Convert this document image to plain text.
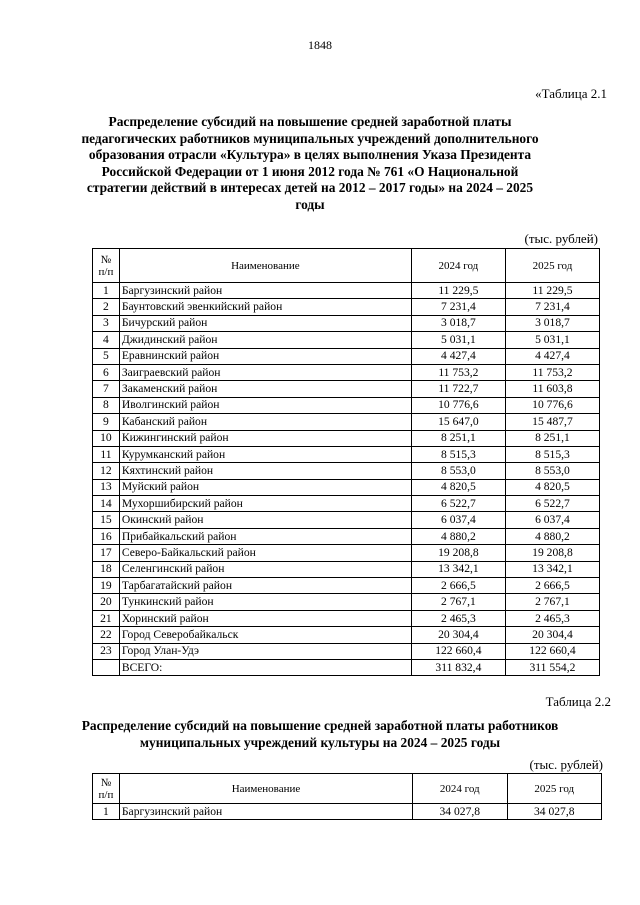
1848
«Таблица 2.1
Распределение субсидий на повышение средней заработной платы педагогических работников муниципальных учреждений дополнительного образования отрасли «Культура» в целях выполнения Указа Президента Российской Федерации от 1 июня 2012 года № 761 «О Национальной стратегии действий в интересах детей на 2012 – 2017 годы» на 2024 – 2025 годы
(тыс. рублей)
№
п/п	Наименование	2024 год	2025 год
1	Баргузинский район	11 229,5	11 229,5
2	Баунтовский эвенкийский район	7 231,4	7 231,4
3	Бичурский район	3 018,7	3 018,7
4	Джидинский район	5 031,1	5 031,1
5	Еравнинский район	4 427,4	4 427,4
6	Заиграевский район	11 753,2	11 753,2
7	Закаменский район	11 722,7	11 603,8
8	Иволгинский район	10 776,6	10 776,6
9	Кабанский район	15 647,0	15 487,7
10	Кижингинский район	8 251,1	8 251,1
11	Курумканский район	8 515,3	8 515,3
12	Кяхтинский район	8 553,0	8 553,0
13	Муйский район	4 820,5	4 820,5
14	Мухоршибирский район	6 522,7	6 522,7
15	Окинский район	6 037,4	6 037,4
16	Прибайкальский район	4 880,2	4 880,2
17	Северо-Байкальский район	19 208,8	19 208,8
18	Селенгинский район	13 342,1	13 342,1
19	Тарбагатайский район	2 666,5	2 666,5
20	Тункинский район	2 767,1	2 767,1
21	Хоринский район	2 465,3	2 465,3
22	Город Северобайкальск	20 304,4	20 304,4
23	Город Улан-Удэ	122 660,4	122 660,4
	ВСЕГО:	311 832,4	311 554,2
Таблица 2.2
Распределение субсидий на повышение средней заработной платы работников муниципальных учреждений культуры на 2024 – 2025 годы
(тыс. рублей)
№
п/п	Наименование	2024 год	2025 год
1	Баргузинский район	34 027,8	34 027,8
